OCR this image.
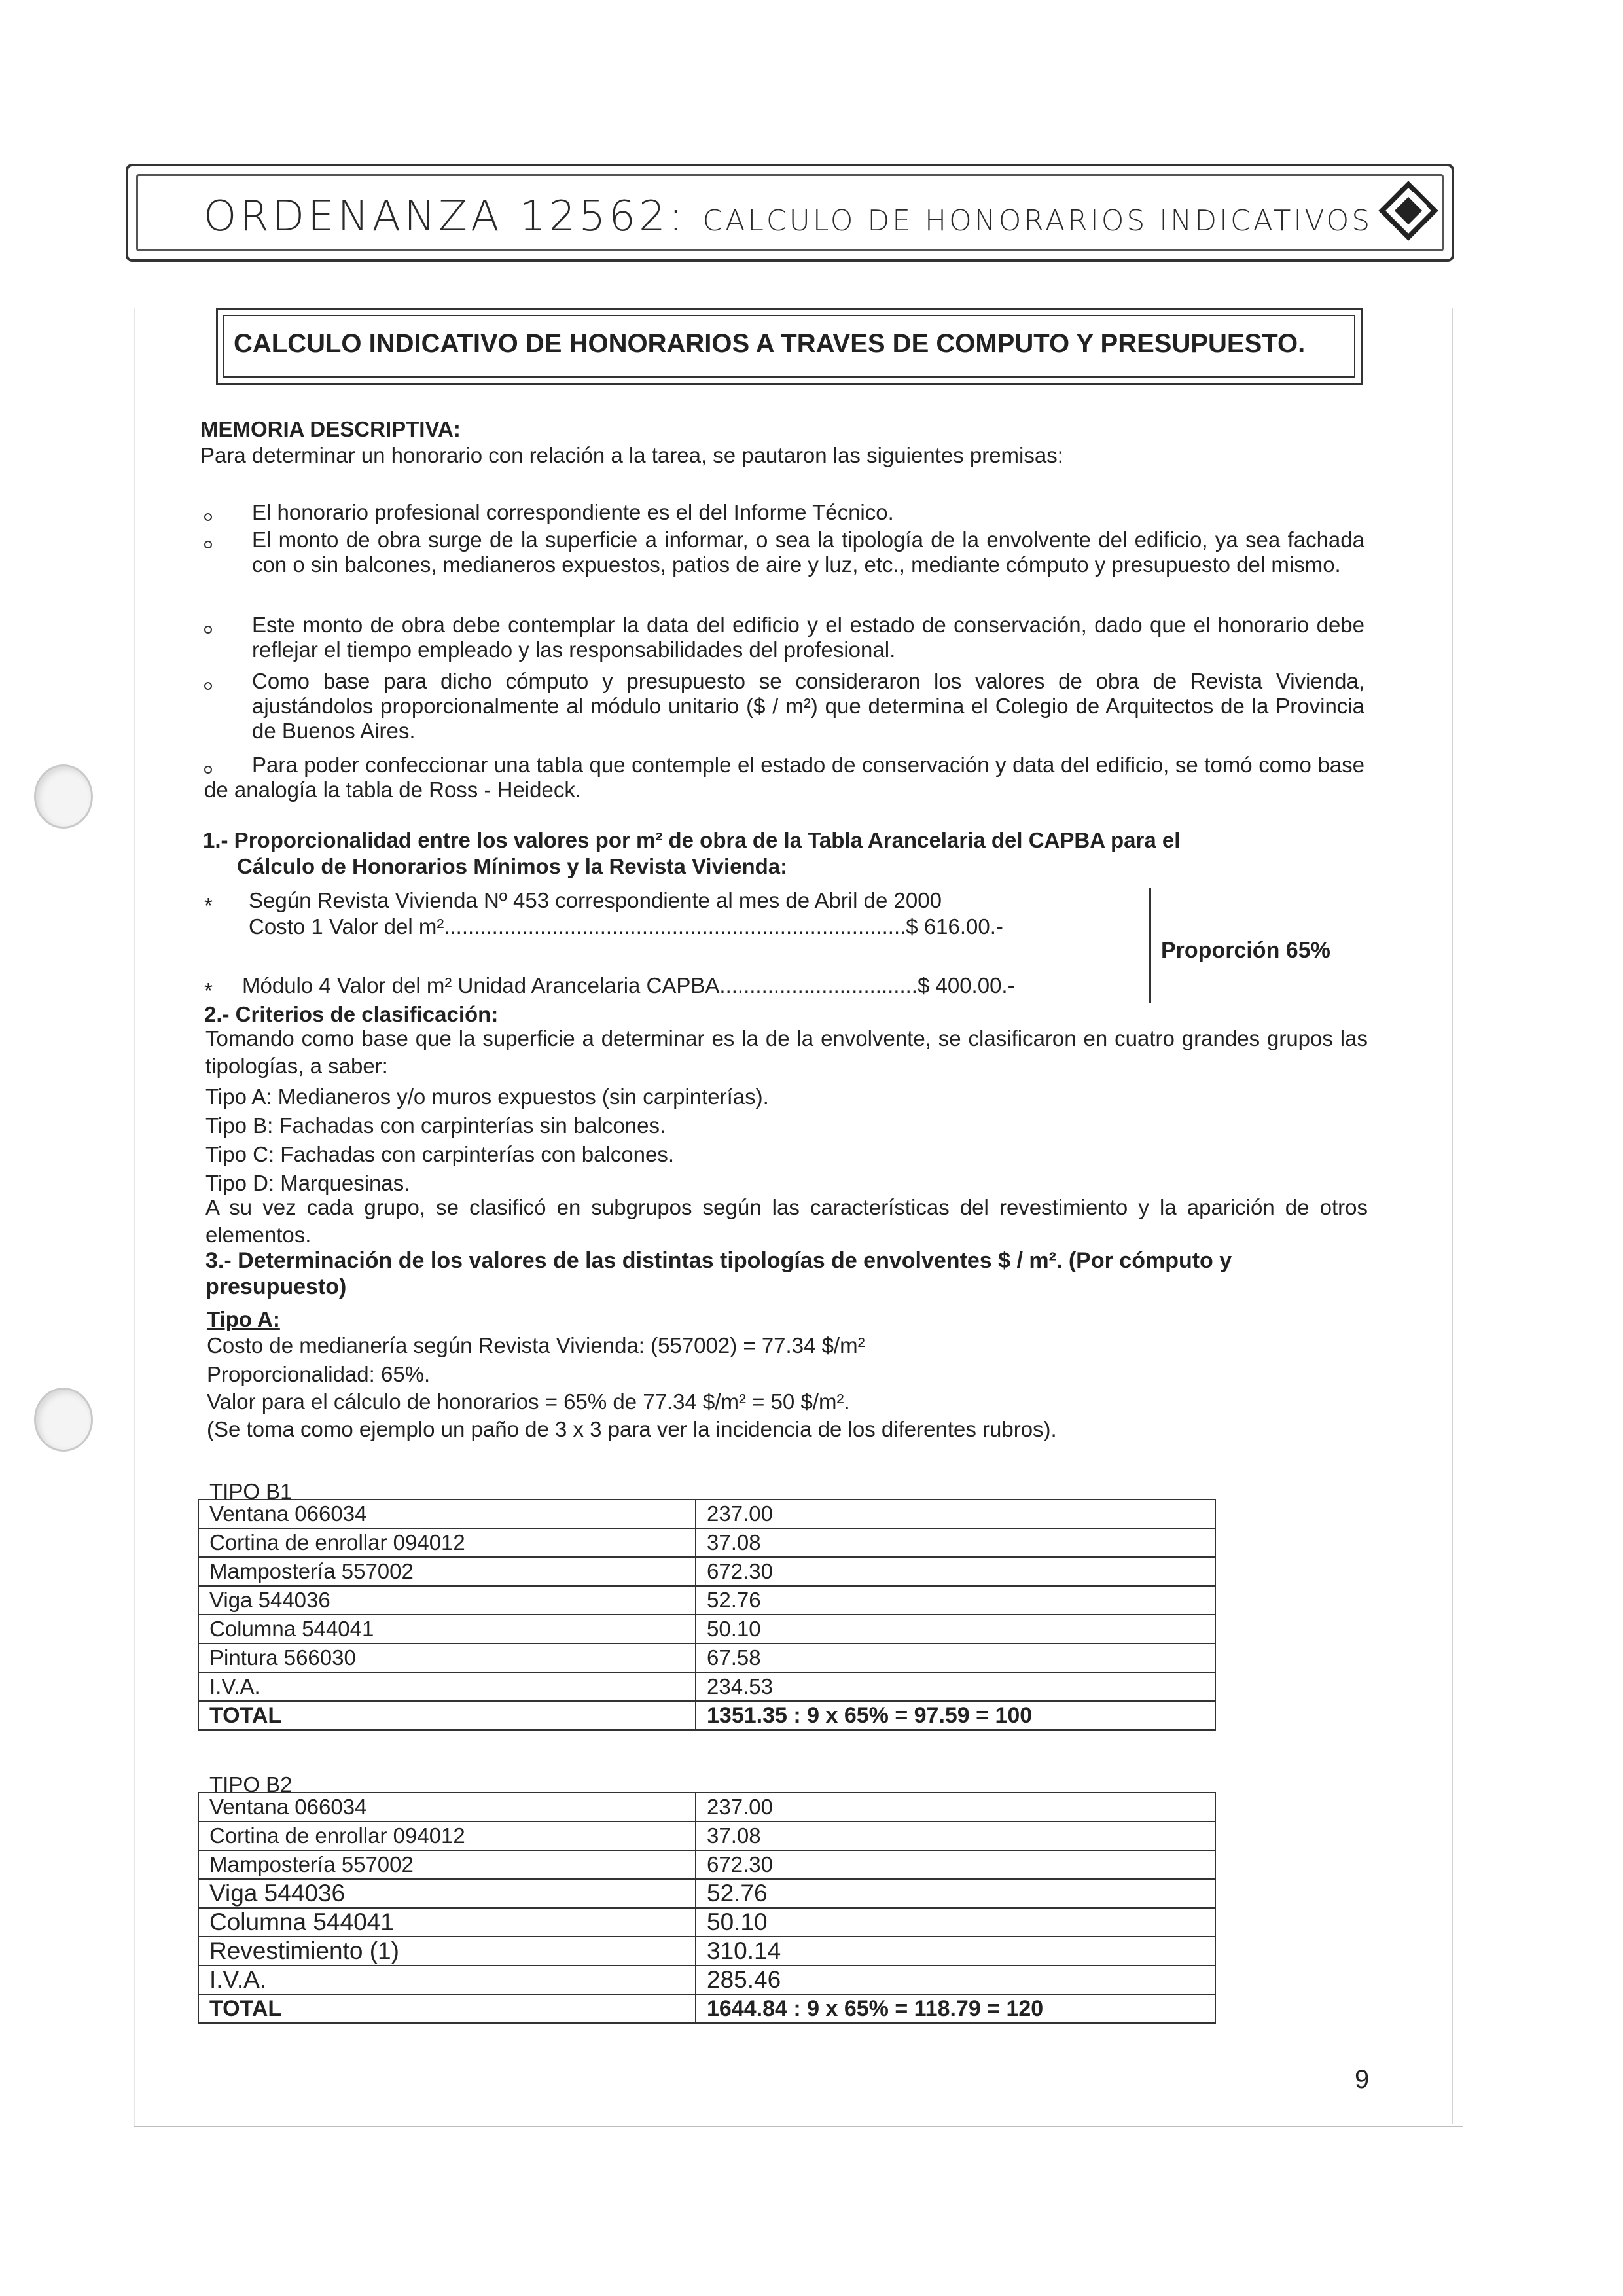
ORDENANZA 12562: CALCULO DE HONORARIOS INDICATIVOS
CALCULO INDICATIVO DE HONORARIOS A TRAVES DE COMPUTO Y PRESUPUESTO.
MEMORIA DESCRIPTIVA:
Para determinar un honorario con relación a la tarea, se pautaron las siguientes premisas:
El honorario profesional correspondiente es el del Informe Técnico.
El monto de obra surge de la superficie a informar, o sea la tipología de la envolvente del edificio, ya sea fachada con o sin balcones, medianeros expuestos, patios de aire y luz, etc., mediante cómputo y presupuesto del mismo.
Este monto de obra debe contemplar la data del edificio y el estado de conservación, dado que el honorario debe reflejar el tiempo empleado y las responsabilidades del profesional.
Como base para dicho cómputo y presupuesto se consideraron los valores de obra de Revista Vivienda, ajustándolos proporcionalmente al módulo unitario ($ / m²) que determina el Colegio de Arquitectos de la Provincia de Buenos Aires.
Para poder confeccionar una tabla que contemple el estado de conservación y data del edificio, se tomó como base de analogía la tabla de Ross - Heideck.
1.- Proporcionalidad entre los valores por m² de obra de la Tabla Arancelaria del CAPBA para el
Cálculo de Honorarios Mínimos y la Revista Vivienda:
* Según Revista Vivienda Nº 453 correspondiente al mes de Abril de 2000
Costo 1 Valor del m².............................................................................$ 616.00.-
* Módulo 4 Valor del m² Unidad Arancelaria CAPBA.................................$ 400.00.-
Proporción 65%
2.- Criterios de clasificación:
Tomando como base que la superficie a determinar es la de la envolvente, se clasificaron en cuatro grandes grupos las tipologías, a saber:
Tipo A: Medianeros y/o muros expuestos (sin carpinterías).
Tipo B: Fachadas con carpinterías sin balcones.
Tipo C: Fachadas con carpinterías con balcones.
Tipo D: Marquesinas.
A su vez cada grupo, se clasificó en subgrupos según las características del revestimiento y la aparición de otros elementos.
3.- Determinación de los valores de las distintas tipologías de envolventes $ / m². (Por cómputo y
presupuesto)
Tipo A:
Costo de medianería según Revista Vivienda: (557002) = 77.34 $/m²
Proporcionalidad: 65%.
Valor para el cálculo de honorarios = 65% de 77.34 $/m² = 50 $/m².
(Se toma como ejemplo un paño de 3 x 3 para ver la incidencia de los diferentes rubros).
TIPO B1
Ventana 066034	237.00
Cortina de enrollar 094012	37.08
Mampostería 557002	672.30
Viga 544036	52.76
Columna 544041	50.10
Pintura 566030	67.58
I.V.A.	234.53
TOTAL	1351.35 : 9 x 65% = 97.59 = 100
TIPO B2
Ventana 066034	237.00
Cortina de enrollar 094012	37.08
Mampostería 557002	672.30
Viga 544036	52.76
Columna 544041	50.10
Revestimiento (1)	310.14
I.V.A.	285.46
TOTAL	1644.84 : 9 x 65% = 118.79 = 120
9
